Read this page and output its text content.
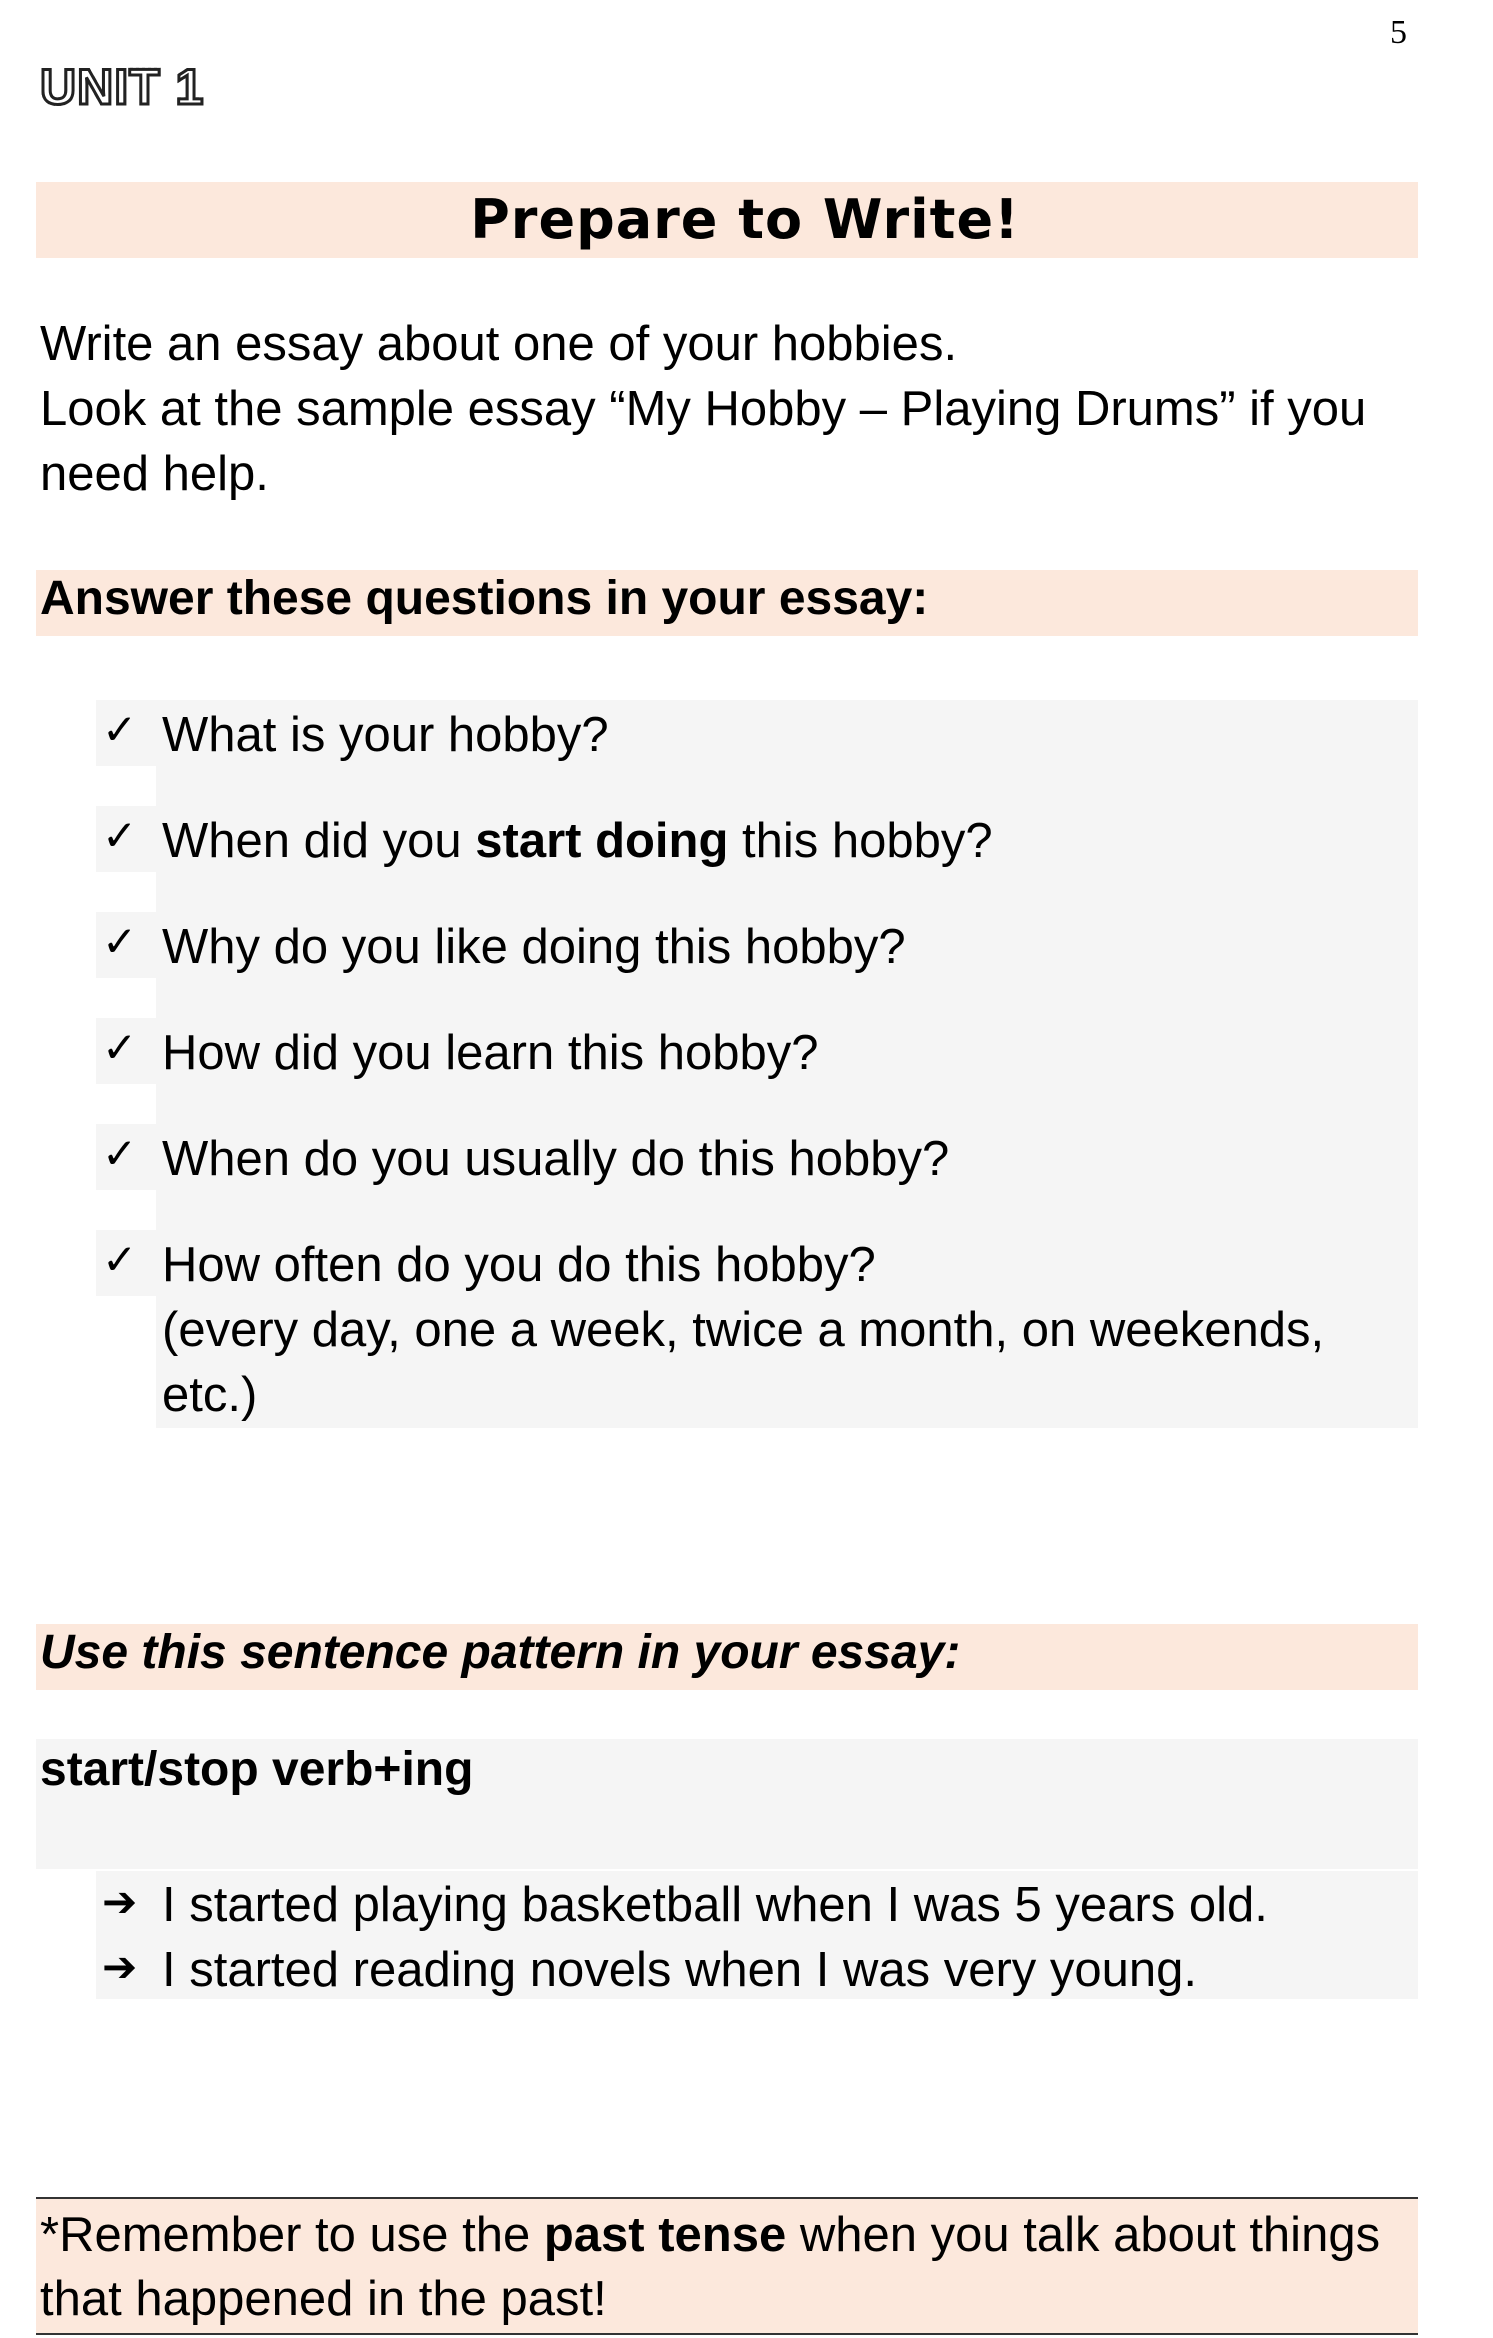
5
UNIT 1
Prepare to Write!
Write an essay about one of your hobbies.
Look at the sample essay “My Hobby – Playing Drums” if you
need help.
Answer these questions in your essay:
✓ What is your hobby?
✓ When did you start doing this hobby?
✓ Why do you like doing this hobby?
✓ How did you learn this hobby?
✓ When do you usually do this hobby?
✓ How often do you do this hobby?
(every day, one a week, twice a month, on weekends,
etc.)
Use this sentence pattern in your essay:
start/stop verb+ing
➔ I started playing basketball when I was 5 years old.
➔ I started reading novels when I was very young.
*Remember to use the past tense when you talk about things
that happened in the past!
